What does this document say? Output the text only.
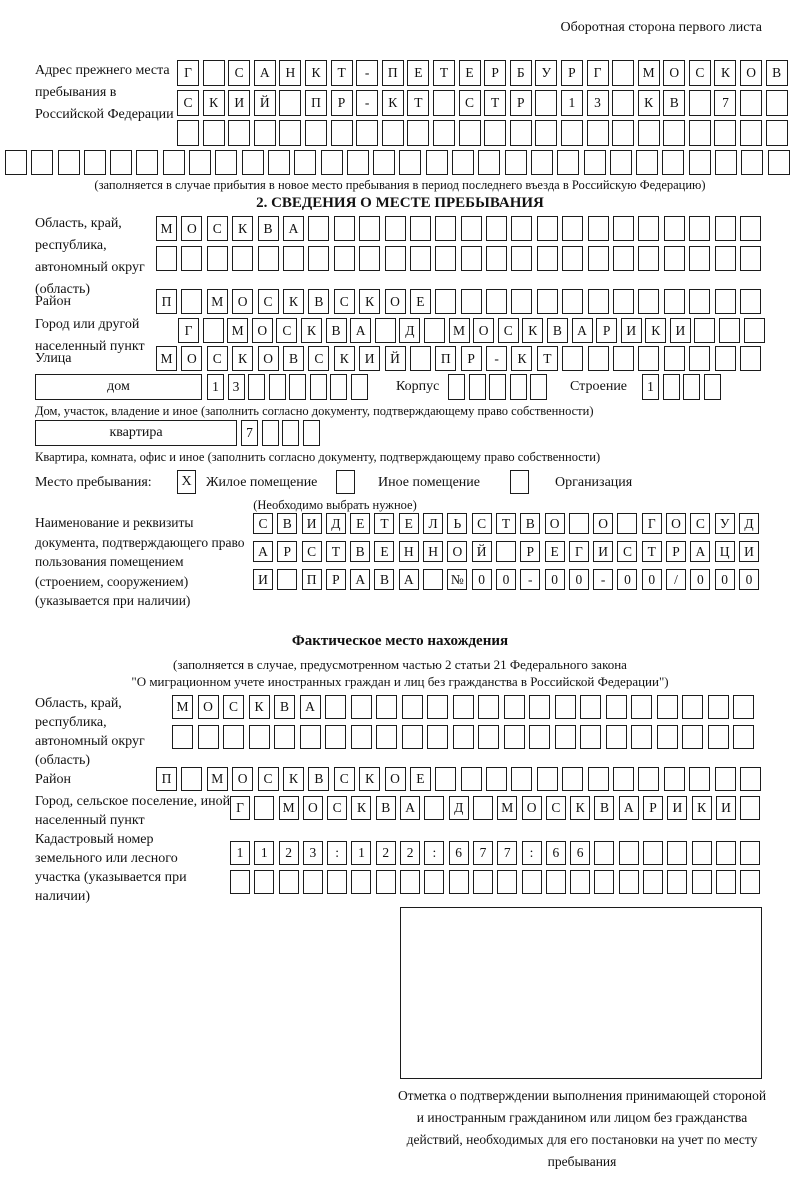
Оборотная сторона первого листа
Адрес прежнего места пребывания в Российской Федерации
Г	С	А	Н	К	Т	-	П	Е	Т	Е	Р	Б	У	Р	Г	М	О	С	К	О	В
С	К	И	Й	П	Р	-	К	Т	С	Т	Р	1	3	К	В	7
(заполняется в случае прибытия в новое место пребывания в период последнего въезда в Российскую Федерацию)
2. СВЕДЕНИЯ О МЕСТЕ ПРЕБЫВАНИЯ
Область, край, республика, автономный округ (область)
М	О	С	К	В	А
Район	П	М	О	С	К	В	С	К	О	Е
Город или другой населенный пункт
Г	М	О	С	К	В	А	Д	М	О	С	К	В	А	Р	И	К	И
Улица	М	О	С	К	О	В	С	К	И	Й	П	Р	-	К	Т
дом	1	3	Корпус	Строение	1
Дом, участок, владение и иное (заполнить согласно документу, подтверждающему право собственности)
квартира	7
Квартира, комната, офис и иное (заполнить согласно документу, подтверждающему право собственности)
Место пребывания:	X	Жилое помещение	Иное помещение	Организация
(Необходимо выбрать нужное)
Наименование и реквизиты документа, подтверждающего право пользования помещением (строением, сооружением) (указывается при наличии)
С	В	И	Д	Е	Т	Е	Л	Ь	С	Т	В	О	О	Г	О	С	У	Д
А	Р	С	Т	В	Е	Н	Н	О	Й	Р	Е	Г	И	С	Т	Р	А	Ц	И
И	П	Р	А	В	А	№	0	0	-	0	0	-	0	0	/	0	0	0
Фактическое место нахождения
(заполняется в случае, предусмотренном частью 2 статьи 21 Федерального закона
"О миграционном учете иностранных граждан и лиц без гражданства в Российской Федерации")
Область, край, республика, автономный округ (область)
М	О	С	К	В	А
Район	П	М	О	С	К	В	С	К	О	Е
Город, сельское поселение, иной населенный пункт
Г	М О	С	К	В	А	Д	М О	С	К	В	А	Р	И	К	И
Кадастровый номер земельного или лесного участка (указывается при наличии)
1	1	2	3	:	1	2	2	:	6	7	7	:	6	6
Отметка о подтверждении выполнения принимающей стороной и иностранным гражданином или лицом без гражданства действий, необходимых для его постановки на учет по месту пребывания
